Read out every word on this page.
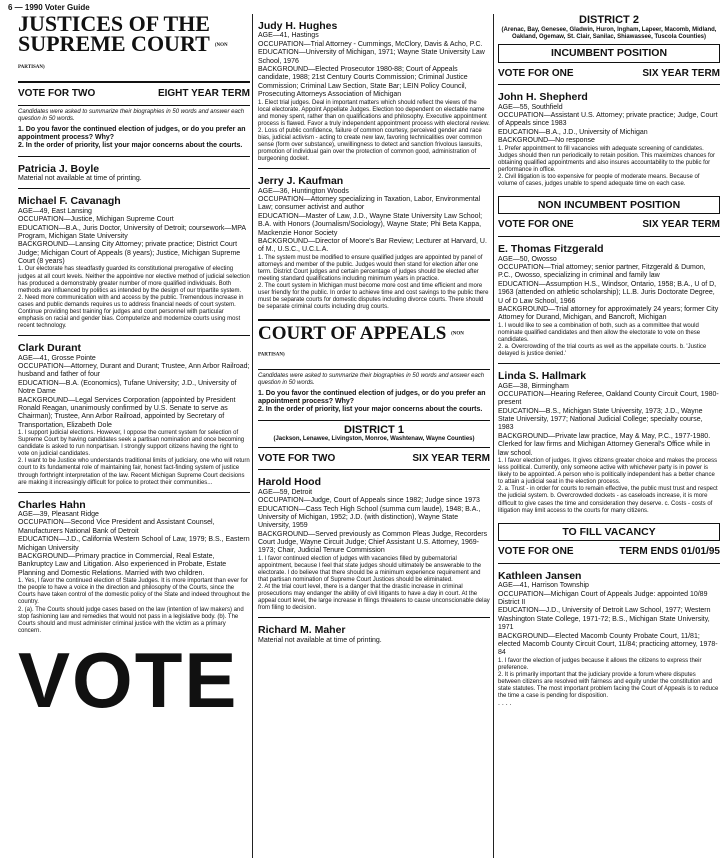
6 — 1990 Voter Guide
JUSTICES OF THE
SUPREME COURT (NON PARTISAN)
VOTE FOR TWO	EIGHT YEAR TERM
Candidates were asked to summarize their biographies in 50 words and answer each question in 50 words.
1. Do you favor the continued election of judges, or do you prefer an appointment process? Why?
2. In the order of priority, list your major concerns about the courts.
Patricia J. Boyle
Material not available at time of printing.
Michael F. Cavanagh
AGE—49, East Lansing
OCCUPATION—Justice, Michigan Supreme Court
EDUCATION—B.A., Juris Doctor, University of Detroit; coursework—MPA Program, Michigan State University
BACKGROUND—Lansing City Attorney; private practice; District Court Judge; Michigan Court of Appeals (8 years); Justice, Michigan Supreme Court (8 years)
1. Our electorate has steadfastly guarded its constitutional prerogative of electing judges at all court levels. Neither the appointive nor elective method of judicial selection has produced a demonstrably greater number of more qualified individuals. Both methods are influenced by politics as intended by the design of our tripartite system.
2. Need more communication with and access by the public. Tremendous increase in cases and public demands requires us to address financial needs of court system. Continue providing best training for judges and court personnel with particular emphasis on racial and gender bias. Computerize and modernize courts using most recent technology.
Clark Durant
AGE—41, Grosse Pointe
OCCUPATION—Attorney, Durant and Durant; Trustee, Ann Arbor Railroad; husband and father of four
EDUCATION—B.A. (Economics), Tufane University; J.D., University of Notre Dame
BACKGROUND—Legal Services Corporation (appointed by President Ronald Reagan, unanimously confirmed by U.S. Senate to serve as Chairman); Trustee, Ann Arbor Railroad, appointed by Secretary of Transportation, Elizabeth Dole
1. I support judicial elections. However, I oppose the current system for selection of Supreme Court by having candidates seek a partisan nomination and once becoming candidate is asked to run nonpartisan. I strongly support citizens having the right to vote on judicial candidates.
2. I want to be Justice who understands traditional limits of judiciary, one who will return court to its fundamental role of maintaining fair, honest fact-finding system of justice through forthright interpretation of the law. Recent Michigan Supreme Court decisions are making it increasingly difficult for police to protect their communities...
Charles Hahn
AGE—39, Pleasant Ridge
OCCUPATION—Second Vice President and Assistant Counsel, Manufacturers National Bank of Detroit
EDUCATION—J.D., California Western School of Law, 1979; B.S., Eastern Michigan University
BACKGROUND—Primary practice in Commercial, Real Estate, Bankruptcy Law and Litigation. Also experienced in Probate, Estate Planning and Domestic Relations. Married with two children.
1. Yes, I favor the continued election of State Judges. It is more important than ever for the people to have a voice in the direction and philosophy of the Courts, since the Courts have taken control of the domestic policy of the State and indeed throughout the country.
2. (a). The Courts should judge cases based on the law (intention of law makers) and stop fashioning law and remedies that would not pass in a legislative body. (b). The Courts should and must administer criminal justice with the victim as a primary concern.
VOTE
Judy H. Hughes
AGE—41, Hastings
OCCUPATION—Trial Attorney - Cummings, McClory, Davis & Acho, P.C.
EDUCATION—University of Michigan, 1971; Wayne State University Law School, 1976
BACKGROUND—Elected Prosecutor 1980-88; Court of Appeals candidate, 1988; 21st Century Courts Commission; Criminal Justice Commission; Criminal Law Section, State Bar; LEIN Policy Council, Prosecuting Attorneys Association of Michigan
1. Elect trial judges. Deal in important matters which should reflect the views of the local electorate. Appoint Appellate Judges. Election too dependent on electable name and money spent, rather than on qualifications and philosophy. Executive appointment process is flawed. Favor a truly independent appointment process with electoral review.
2. Loss of public confidence, failure of common courtesy, perceived gender and race bias, judicial activism - acting to create new law, favoring technicalities over common sense (form over substance), unwillingness to detect and sanction frivolous lawsuits, promotion of individual gain over the protection of common good, administration of burgeoning docket.
Jerry J. Kaufman
AGE—36, Huntington Woods
OCCUPATION—Attorney specializing in Taxation, Labor, Environmental Law; consumer activist and author
EDUCATION—Master of Law, J.D., Wayne State University Law School; B.A. with Honors (Journalism/Sociology), Wayne State; Phi Beta Kappa, Mackenzie Honor Society
BACKGROUND—Director of Moore's Bar Review; Lecturer at Harvard, U. of M., U.S.C., U.C.L.A.
1. The system must be modified to ensure qualified judges are appointed by panel of attorneys and member of the public. Judges would then stand for election after one term. District Court judges and certain percentage of judges should be elected after meeting standard qualifications including minimum years in practice.
2. The court system in Michigan must become more cost and time efficient and more user friendly for the public. In order to achieve time and cost savings to the public there must be separate courts for domestic disputes including divorce courts. There should be separate criminal courts including drug courts.
COURT OF APPEALS (NON PARTISAN)
Candidates were asked to summarize their biographies in 50 words and answer each question in 50 words.
1. Do you favor the continued election of judges, or do you prefer an appointment process? Why?
2. In the order of priority, list your major concerns about the courts.
DISTRICT 1
(Jackson, Lenawee, Livingston, Monroe, Washtenaw, Wayne Counties)
VOTE FOR TWO	SIX YEAR TERM
Harold Hood
AGE—59, Detroit
OCCUPATION—Judge, Court of Appeals since 1982; Judge since 1973
EDUCATION—Cass Tech High School (summa cum laude), 1948; B.A., University of Michigan, 1952; J.D. (with distinction), Wayne State University, 1959
BACKGROUND—Served previously as Common Pleas Judge, Recorders Court Judge, Wayne Circuit Judge; Chief Assistant U.S. Attorney, 1969-1973; Chair, Judicial Tenure Commission
1. I favor continued election of judges with vacancies filled by gubernatorial appointment, because I feel that state judges should ultimately be answerable to the electorate. I do believe that there should be a minimum experience requirement and that partisan nomination of Supreme Court Justices should be eliminated.
2. At the trial court level, there is a danger that the drastic increase in criminal prosecutions may endanger the ability of civil litigants to have a day in court. At the appeal court level, the large increase in filings threatens to cause unconscionable delay from filing to decision.
Richard M. Maher
Material not available at time of printing.
DISTRICT 2
(Arenac, Bay, Genesee, Gladwin, Huron, Ingham, Lapeer, Macomb, Midland, Oakland, Ogemaw, St. Clair, Sanilac, Shiawassee, Tuscola Counties)
INCUMBENT POSITION
VOTE FOR ONE	SIX YEAR TERM
John H. Shepherd
AGE—55, Southfield
OCCUPATION—Assistant U.S. Attorney; private practice; Judge, Court of Appeals since 1983
EDUCATION—B.A., J.D., University of Michigan
BACKGROUND—No response
1. Prefer appointment to fill vacancies with adequate screening of candidates. Judges should then run periodically to retain position. This maximizes chances for obtaining qualified appointments and also insures accountability to the public for performance in office.
2. Civil litigation is too expensive for people of moderate means. Because of volume of cases, judges unable to spend adequate time on each case.
NON INCUMBENT POSITION
VOTE FOR ONE	SIX YEAR TERM
E. Thomas Fitzgerald
AGE—50, Owosso
OCCUPATION—Trial attorney; senior partner, Fitzgerald & Dumon, P.C., Owosso, specializing in criminal and family law
EDUCATION—Assumption H.S., Windsor, Ontario, 1958; B.A., U of D, 1963 (attended on athletic scholarship); LL.B. Juris Doctorate Degree, U of D Law School, 1966
BACKGROUND—Trial attorney for approximately 24 years; former City Attorney for Durand, Michigan, and Bancroft, Michigan
1. I would like to see a combination of both, such as a committee that would nominate qualified candidates and then allow the electorate to vote on these candidates.
2. a. Overcrowding of the trial courts as well as the appellate courts. b. 'Justice delayed is justice denied.'
Linda S. Hallmark
AGE—38, Birmingham
OCCUPATION—Hearing Referee, Oakland County Circuit Court, 1980-present
EDUCATION—B.S., Michigan State University, 1973; J.D., Wayne State University, 1977; National Judicial College; specialty course, 1983
BACKGROUND—Private law practice, May & May, P.C., 1977-1980. Clerked for law firms and Michigan Attorney General's Office while in law school.
1. I favor election of judges. It gives citizens greater choice and makes the process less political. Currently, only someone active with whichever party is in power is likely to be appointed. A person who is politically independent has a better chance to attain a judicial seat in the election process.
2. a. Trust - in order for courts to remain effective, the public must trust and respect the judicial system. b. Overcrowded dockets - as caseloads increase, it is more difficult to give cases the time and consideration they deserve. c. Costs - costs of litigation may limit access to the courts for many citizens.
TO FILL VACANCY
VOTE FOR ONE	TERM ENDS 01/01/95
Kathleen Jansen
AGE—41, Harrison Township
OCCUPATION—Michigan Court of Appeals Judge: appointed 10/89 District II
EDUCATION—J.D., University of Detroit Law School, 1977; Western Washington State College, 1971-72; B.S., Michigan State University, 1971
BACKGROUND—Elected Macomb County Probate Court, 11/81; elected Macomb County Circuit Court, 11/84; practicing attorney, 1978-84
1. I favor the election of judges because it allows the citizens to express their preference.
2. It is primarily important that the judiciary provide a forum where disputes between citizens are resolved with fairness and equity under the constitution and state statutes. The most important problem facing the Court of Appeals is to reduce the time a case is pending for disposition.
. . . .
